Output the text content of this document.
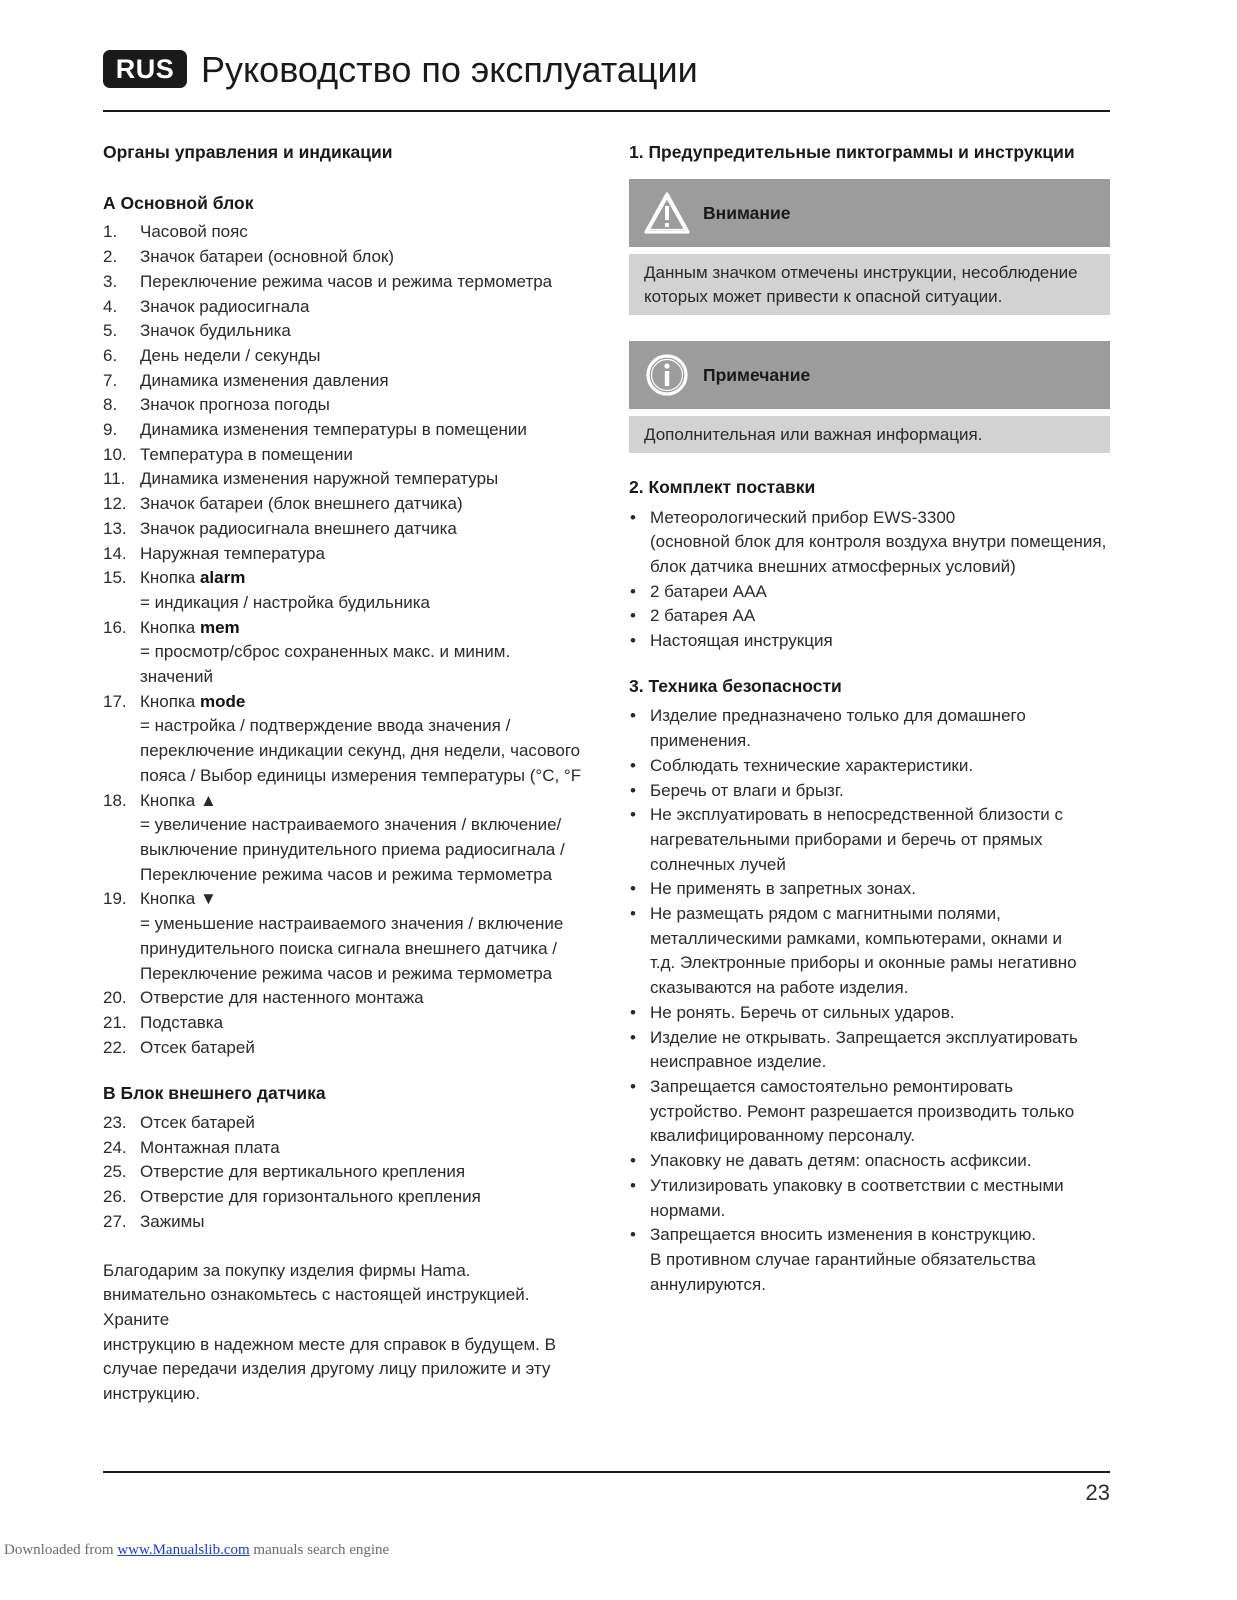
RUS Руководство по эксплуатации
Органы управления и индикации
А Основной блок
1.	Часовой пояс
2.	Значок батареи (основной блок)
3.	Переключение режима часов и режима термометра
4.	Значок радиосигнала
5.	Значок будильника
6.	День недели / секунды
7.	Динамика изменения давления
8.	Значок прогноза погоды
9.	Динамика изменения температуры в помещении
10. Температура в помещении
11. Динамика изменения наружной температуры
12. Значок батареи (блок внешнего датчика)
13. Значок радиосигнала внешнего датчика
14. Наружная температура
15. Кнопка alarm
= индикация / настройка будильника
16. Кнопка mem
= просмотр/сброс сохраненных макс. и миним. значений
17. Кнопка mode
= настройка / подтверждение ввода значения /
переключение индикации секунд, дня недели, часового
пояса / Выбор единицы измерения температуры (°C, °F
18. Кнопка ▲
= увеличение настраиваемого значения / включение/
выключение принудительного приема радиосигнала /
Переключение режима часов и режима термометра
19. Кнопка ▼
= уменьшение настраиваемого значения / включение
принудительного поиска сигнала внешнего датчика /
Переключение режима часов и режима термометра
20. Отверстие для настенного монтажа
21. Подставка
22. Отсек батарей
В Блок внешнего датчика
23. Отсек батарей
24. Монтажная плата
25. Отверстие для вертикального крепления
26. Отверстие для горизонтального крепления
27. Зажимы
Благодарим за покупку изделия фирмы Hama.
внимательно ознакомьтесь с настоящей инструкцией. Храните
инструкцию в надежном месте для справок в будущем. В
случае передачи изделия другому лицу приложите и эту
инструкцию.
1. Предупредительные пиктограммы и инструкции
Внимание
Данным значком отмечены инструкции, несоблюдение
которых может привести к опасной ситуации.
Примечание
Дополнительная или важная информация.
2. Комплект поставки
• Метеорологический прибор EWS-3300
(основной блок для контроля воздуха внутри помещения,
блок датчика внешних атмосферных условий)
• 2 батареи AAA
• 2 батарея AA
• Настоящая инструкция
3. Техника безопасности
• Изделие предназначено только для домашнего
применения.
• Соблюдать технические характеристики.
• Беречь от влаги и брызг.
• Не эксплуатировать в непосредственной близости с
нагревательными приборами и беречь от прямых
солнечных лучей
• Не применять в запретных зонах.
• Не размещать рядом с магнитными полями,
металлическими рамками, компьютерами, окнами и
т.д. Электронные приборы и оконные рамы негативно
сказываются на работе изделия.
• Не ронять. Беречь от сильных ударов.
• Изделие не открывать. Запрещается эксплуатировать
неисправное изделие.
• Запрещается самостоятельно ремонтировать
устройство. Ремонт разрешается производить только
квалифицированному персоналу.
• Упаковку не давать детям: опасность асфиксии.
• Утилизировать упаковку в соответствии с местными
нормами.
• Запрещается вносить изменения в конструкцию.
В противном случае гарантийные обязательства
аннулируются.
23
Downloaded from www.Manualslib.com manuals search engine
